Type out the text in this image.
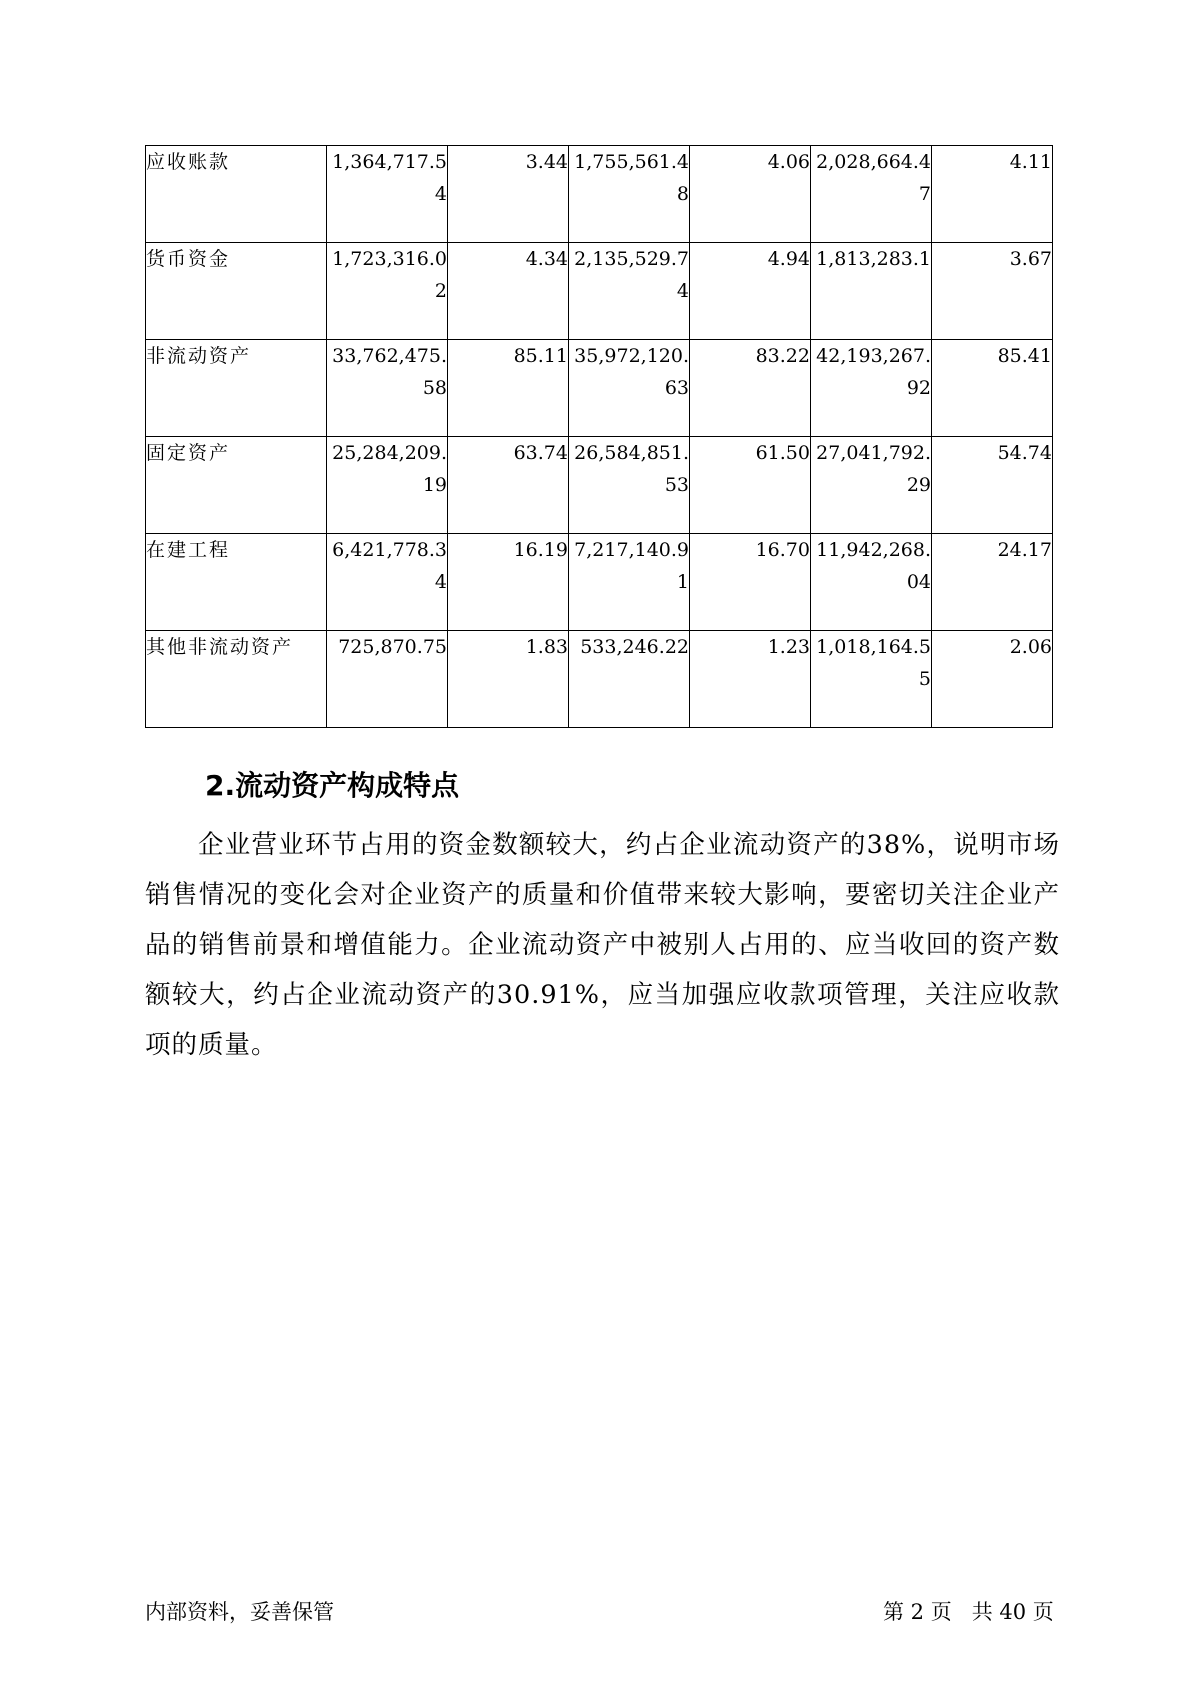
应收账款	1,364,717.54	3.44	1,755,561.48	4.06	2,028,664.47	4.11
货币资金	1,723,316.02	4.34	2,135,529.74	4.94	1,813,283.1	3.67
非流动资产	33,762,475.58	85.11	35,972,120.63	83.22	42,193,267.92	85.41
固定资产	25,284,209.19	63.74	26,584,851.53	61.50	27,041,792.29	54.74
在建工程	6,421,778.34	16.19	7,217,140.91	16.70	11,942,268.04	24.17
其他非流动资产	725,870.75	1.83	533,246.22	1.23	1,018,164.55	2.06
2.流动资产构成特点

企业营业环节占用的资金数额较大，约占企业流动资产的38%，说明市场销售情况的变化会对企业资产的质量和价值带来较大影响，要密切关注企业产品的销售前景和增值能力。企业流动资产中被别人占用的、应当收回的资产数额较大，约占企业流动资产的30.91%，应当加强应收款项管理，关注应收款项的质量。

内部资料，妥善保管	第 2 页   共 40 页
